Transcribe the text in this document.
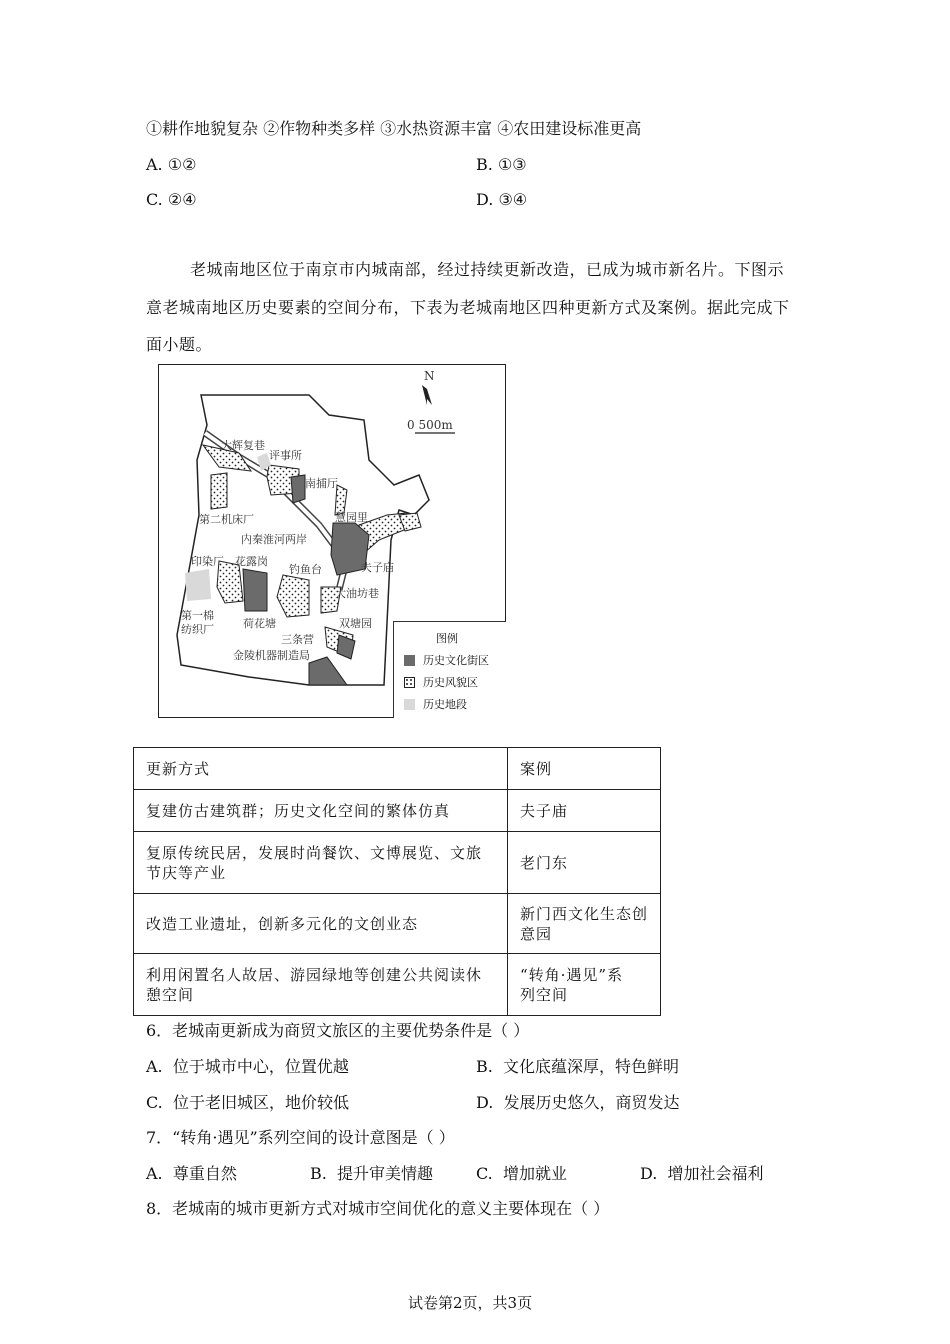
①耕作地貌复杂 ②作物种类多样 ③水热资源丰富 ④农田建设标准更高
A. ①②	B. ①③
C. ②④	D. ③④
老城南地区位于南京市内城南部，经过持续更新改造，已成为城市新名片。下图示
意老城南地区历史要素的空间分布，下表为老城南地区四种更新方式及案例。据此完成下
面小题。
N
0 500m
大辉复巷
评事所
南捕厅
慧园里
第二机床厂
内秦淮河两岸
印染厂 花露岗
钓鱼台	夫子庙
大油坊巷
第一棉
纺织厂	荷花塘	双塘园
三条营
金陵机器制造局
图例
历史文化街区
历史风貌区
历史地段
更新方式	案例
复建仿古建筑群；历史文化空间的繁体仿真	夫子庙
复原传统民居，发展时尚餐饮、文博展览、文旅
节庆等产业	老门东
改造工业遗址，创新多元化的文创业态	新门西文化生态创
意园
利用闲置名人故居、游园绿地等创建公共阅读休
憩空间	“转角·遇见”系
列空间
6．老城南更新成为商贸文旅区的主要优势条件是（ ）
A. 位于城市中心，位置优越	B. 文化底蕴深厚，特色鲜明
C. 位于老旧城区，地价较低	D. 发展历史悠久，商贸发达
7．“转角·遇见”系列空间的设计意图是（ ）
A. 尊重自然	B. 提升审美情趣	C. 增加就业	D. 增加社会福利
8．老城南的城市更新方式对城市空间优化的意义主要体现在（ ）
试卷第2页，共3页
